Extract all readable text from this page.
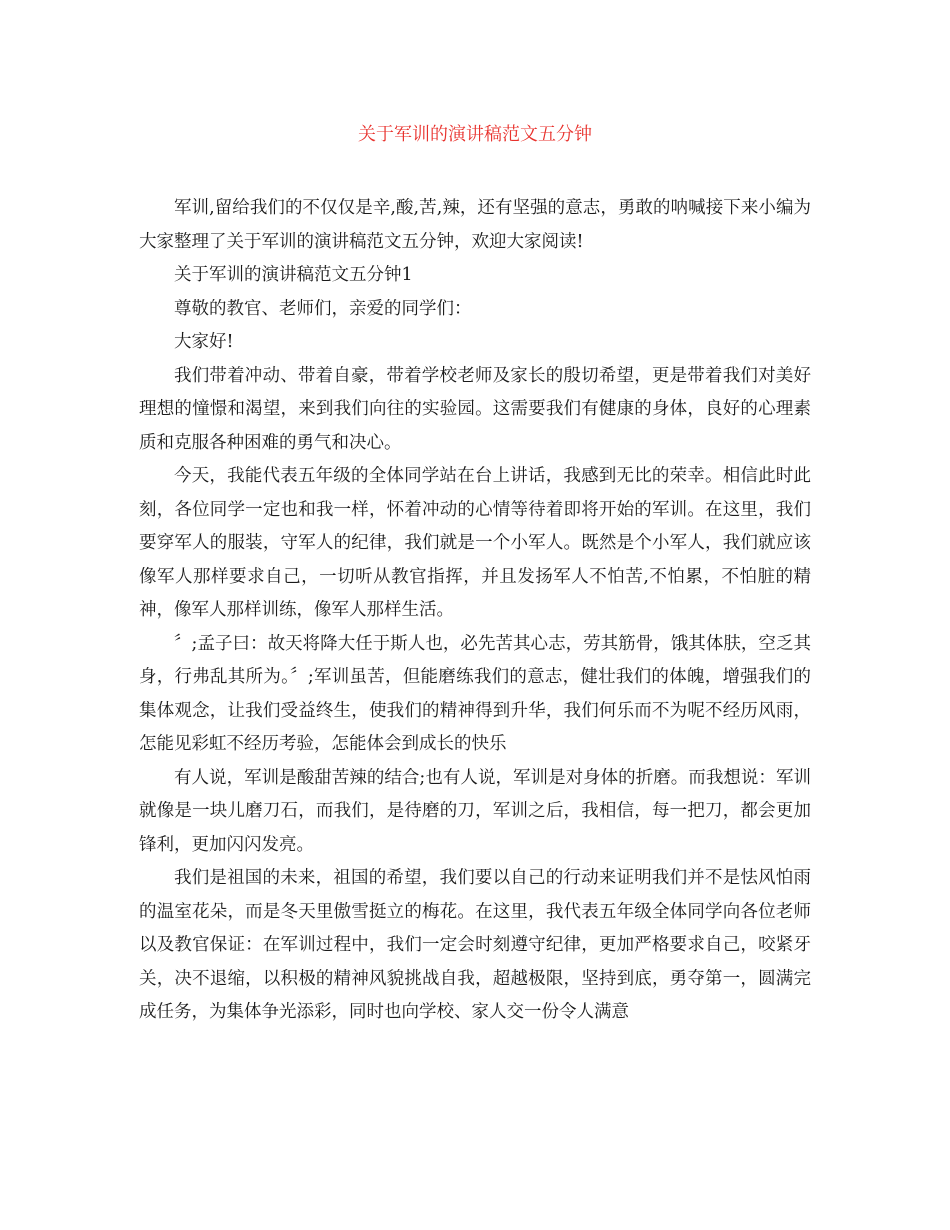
关于军训的演讲稿范文五分钟

军训,留给我们的不仅仅是辛,酸,苦,辣，还有坚强的意志，勇敢的呐喊接下来小编为大家整理了关于军训的演讲稿范文五分钟，欢迎大家阅读!

关于军训的演讲稿范文五分钟1

尊敬的教官、老师们，亲爱的同学们：

大家好!

我们带着冲动、带着自豪，带着学校老师及家长的殷切希望，更是带着我们对美好理想的憧憬和渴望，来到我们向往的实验园。这需要我们有健康的身体，良好的心理素质和克服各种困难的勇气和决心。

今天，我能代表五年级的全体同学站在台上讲话，我感到无比的荣幸。相信此时此刻，各位同学一定也和我一样，怀着冲动的心情等待着即将开始的军训。在这里，我们要穿军人的服装，守军人的纪律，我们就是一个小军人。既然是个小军人，我们就应该像军人那样要求自己，一切听从教官指挥，并且发扬军人不怕苦,不怕累，不怕脏的精神，像军人那样训练，像军人那样生活。

〞;孟子曰：故天将降大任于斯人也，必先苦其心志，劳其筋骨，饿其体肤，空乏其身，行弗乱其所为。〞;军训虽苦，但能磨练我们的意志，健壮我们的体魄，增强我们的集体观念，让我们受益终生，使我们的精神得到升华，我们何乐而不为呢不经历风雨，怎能见彩虹不经历考验，怎能体会到成长的快乐

有人说，军训是酸甜苦辣的结合;也有人说，军训是对身体的折磨。而我想说：军训就像是一块儿磨刀石，而我们，是待磨的刀，军训之后，我相信，每一把刀，都会更加锋利，更加闪闪发亮。

我们是祖国的未来，祖国的希望，我们要以自己的行动来证明我们并不是怯风怕雨的温室花朵，而是冬天里傲雪挺立的梅花。在这里，我代表五年级全体同学向各位老师以及教官保证：在军训过程中，我们一定会时刻遵守纪律，更加严格要求自己，咬紧牙关，决不退缩，以积极的精神风貌挑战自我，超越极限，坚持到底，勇夺第一，圆满完成任务，为集体争光添彩，同时也向学校、家人交一份令人满意
